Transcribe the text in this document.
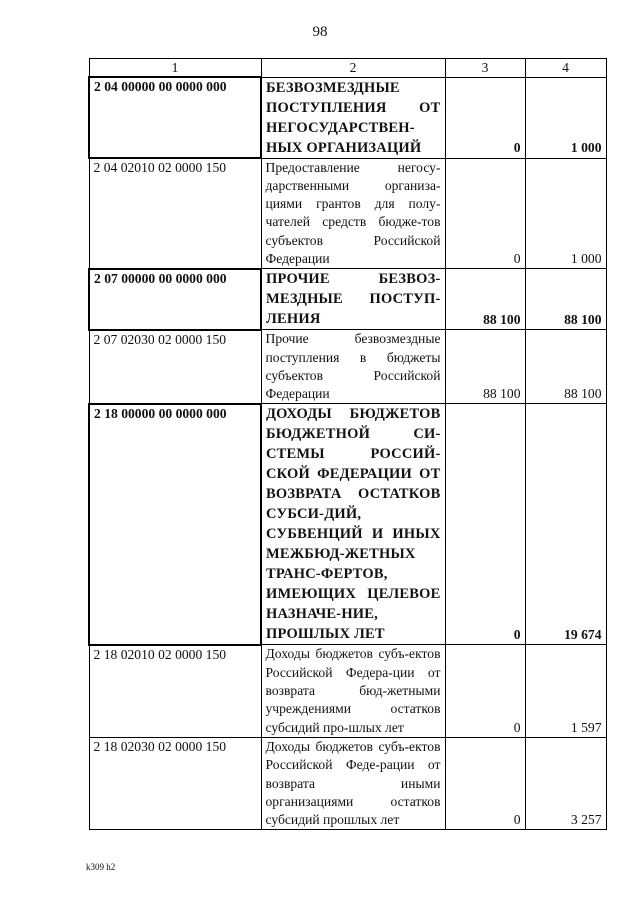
98
1	2	3	4
2 04 00000 00 0000 000	БЕЗВОЗМЕЗДНЫЕ ПОСТУПЛЕНИЯ ОТ НЕГОСУДАРСТВЕН-НЫХ ОРГАНИЗАЦИЙ	0	1 000
2 04 02010 02 0000 150	Предоставление негосу-дарственными организа-циями грантов для полу-чателей средств бюдже-тов субъектов Российской Федерации	0	1 000
2 07 00000 00 0000 000	ПРОЧИЕ БЕЗВОЗ-МЕЗДНЫЕ ПОСТУП-ЛЕНИЯ	88 100	88 100
2 07 02030 02 0000 150	Прочие безвозмездные поступления в бюджеты субъектов Российской Федерации	88 100	88 100
2 18 00000 00 0000 000	ДОХОДЫ БЮДЖЕТОВ БЮДЖЕТНОЙ СИ-СТЕМЫ РОССИЙ-СКОЙ ФЕДЕРАЦИИ ОТ ВОЗВРАТА ОСТАТКОВ СУБСИ-ДИЙ, СУБВЕНЦИЙ И ИНЫХ МЕЖБЮД-ЖЕТНЫХ ТРАНС-ФЕРТОВ, ИМЕЮЩИХ ЦЕЛЕВОЕ НАЗНАЧЕ-НИЕ, ПРОШЛЫХ ЛЕТ	0	19 674
2 18 02010 02 0000 150	Доходы бюджетов субъ-ектов Российской Федера-ции от возврата бюд-жетными учреждениями остатков субсидий про-шлых лет	0	1 597
2 18 02030 02 0000 150	Доходы бюджетов субъ-ектов Российской Феде-рации от возврата иными организациями остатков субсидий прошлых лет	0	3 257
k309 h2
